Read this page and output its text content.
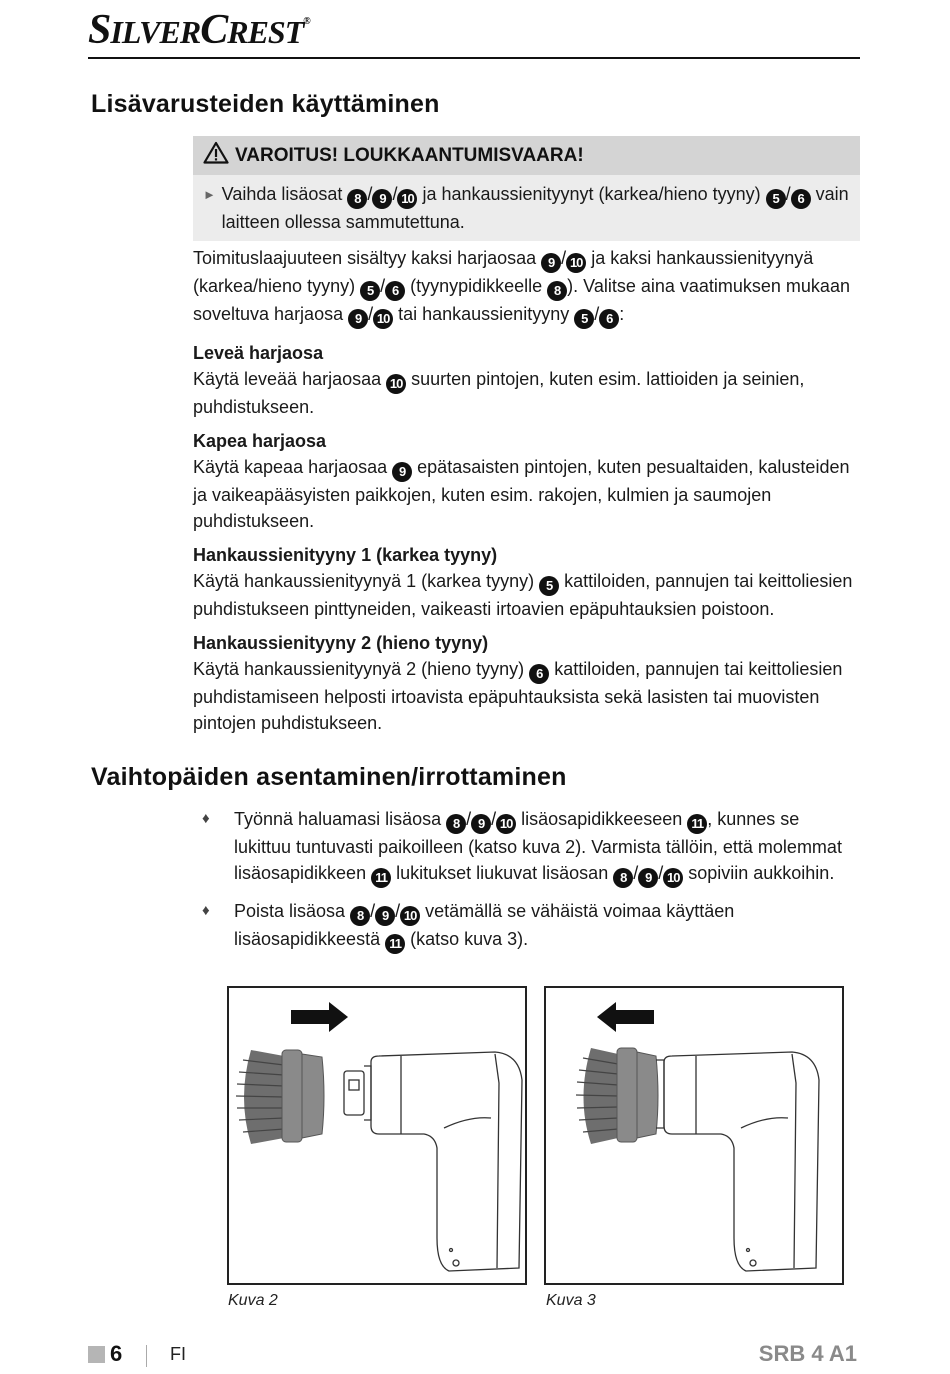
SILVERCREST®
Lisävarusteiden käyttäminen
VAROITUS! LOUKKAANTUMISVAARA!
► Vaihda lisäosat 8 / 9 / 10 ja hankaussienityynyt (karkea/hieno tyyny) 5 / 6 vain laitteen ollessa sammutettuna.

Toimituslaajuuteen sisältyy kaksi harjaosaa 9 / 10 ja kaksi hankaussienityynyä (karkea/hieno tyyny) 5 / 6 (tyynypidikkeelle 8 ). Valitse aina vaatimuksen mukaan soveltuva harjaosa 9 / 10 tai hankaussienityyny 5 / 6 :

Leveä harjaosa
Käytä leveää harjaosaa 10 suurten pintojen, kuten esim. lattioiden ja seinien, puhdistukseen.

Kapea harjaosa
Käytä kapeaa harjaosaa 9 epätasaisten pintojen, kuten pesualtaiden, kalusteiden ja vaikeapääsyisten paikkojen, kuten esim. rakojen, kulmien ja saumojen puhdistukseen.

Hankaussienityyny 1 (karkea tyyny)
Käytä hankaussienityynyä 1 (karkea tyyny) 5 kattiloiden, pannujen tai keittoliesien puhdistukseen pinttyneiden, vaikeasti irtoavien epäpuhtauksien poistoon.

Hankaussienityyny 2 (hieno tyyny)
Käytä hankaussienityynyä 2 (hieno tyyny) 6 kattiloiden, pannujen tai keittoliesien puhdistamiseen helposti irtoavista epäpuhtauksista sekä lasisten tai muovisten pintojen puhdistukseen.

Vaihtopäiden asentaminen/irrottaminen
♦	Työnnä haluamasi lisäosa 8 / 9 / 10 lisäosapidikkeeseen 11 , kunnes se lukittuu tuntuvasti paikoilleen (katso kuva 2). Varmista tällöin, että molemmat lisäosapidikkeen 11 lukitukset liukuvat lisäosan 8 / 9 / 10 sopiviin aukkoihin.
♦	Poista lisäosa 8 / 9 / 10 vetämällä se vähäistä voimaa käyttäen lisäosapidikkeestä 11 (katso kuva 3).
Kuva 2	Kuva 3
6	FI	SRB 4 A1
